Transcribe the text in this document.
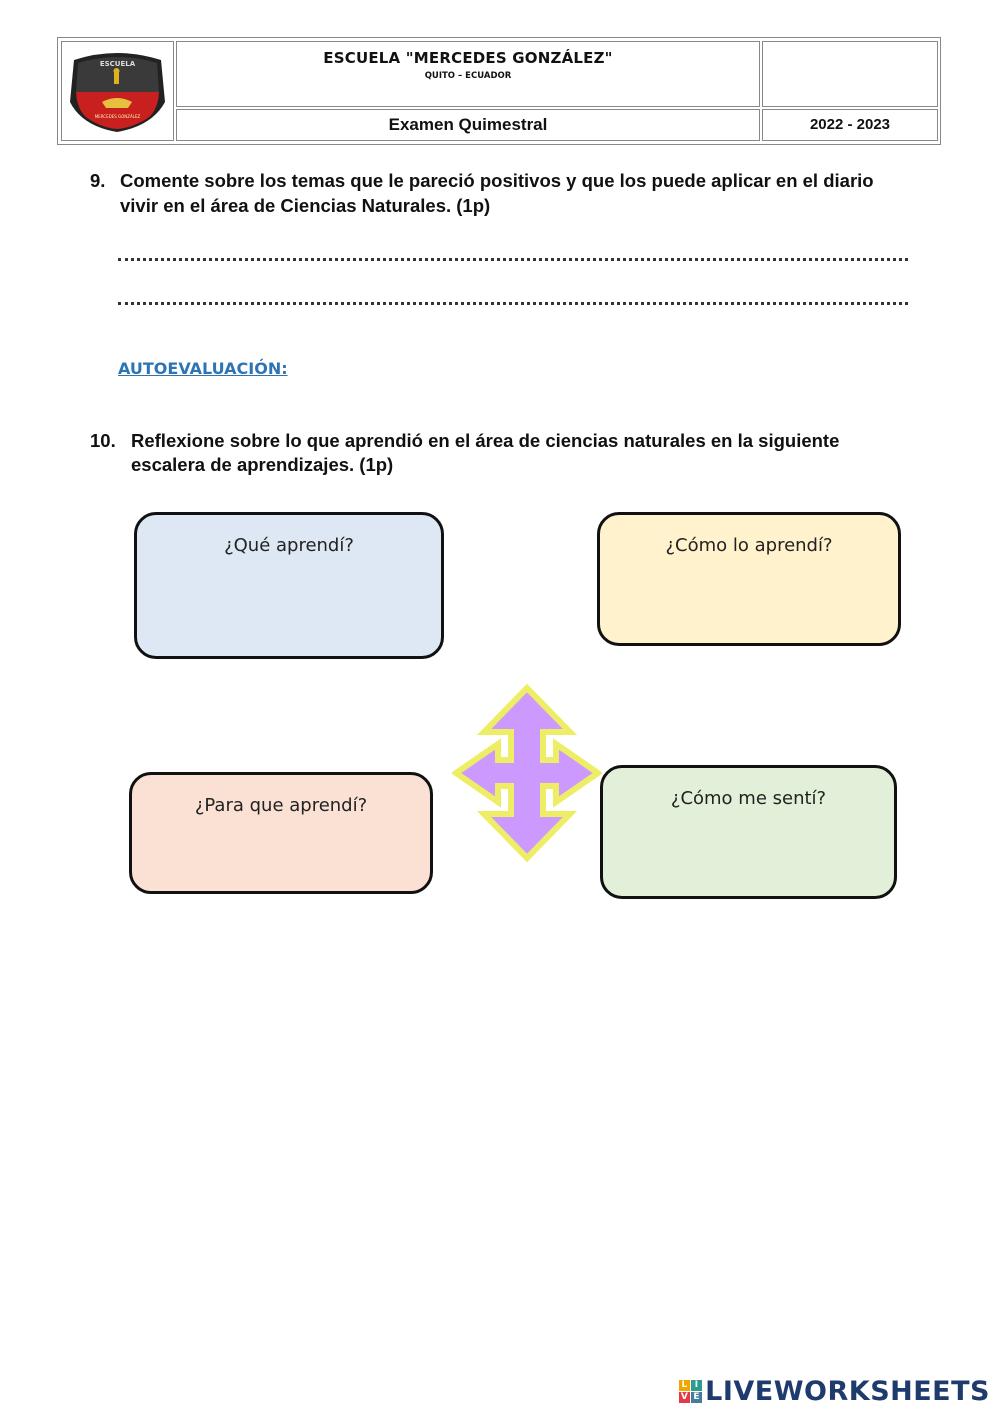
ESCUELA
MERCEDES GONZÁLEZ
ESCUELA "MERCEDES GONZÁLEZ"
QUITO – ECUADOR
Examen Quimestral	2022 - 2023
9. Comente sobre los temas que le pareció positivos y que los puede aplicar en el diario
vivir en el área de Ciencias Naturales. (1p)
AUTOEVALUACIÓN:
10. Reflexione sobre lo que aprendió en el área de ciencias naturales en la siguiente
escalera de aprendizajes. (1p)
¿Qué aprendí?	¿Cómo lo aprendí?
¿Para que aprendí?	¿Cómo me sentí?
L I
V E LIVEWORKSHEETS
